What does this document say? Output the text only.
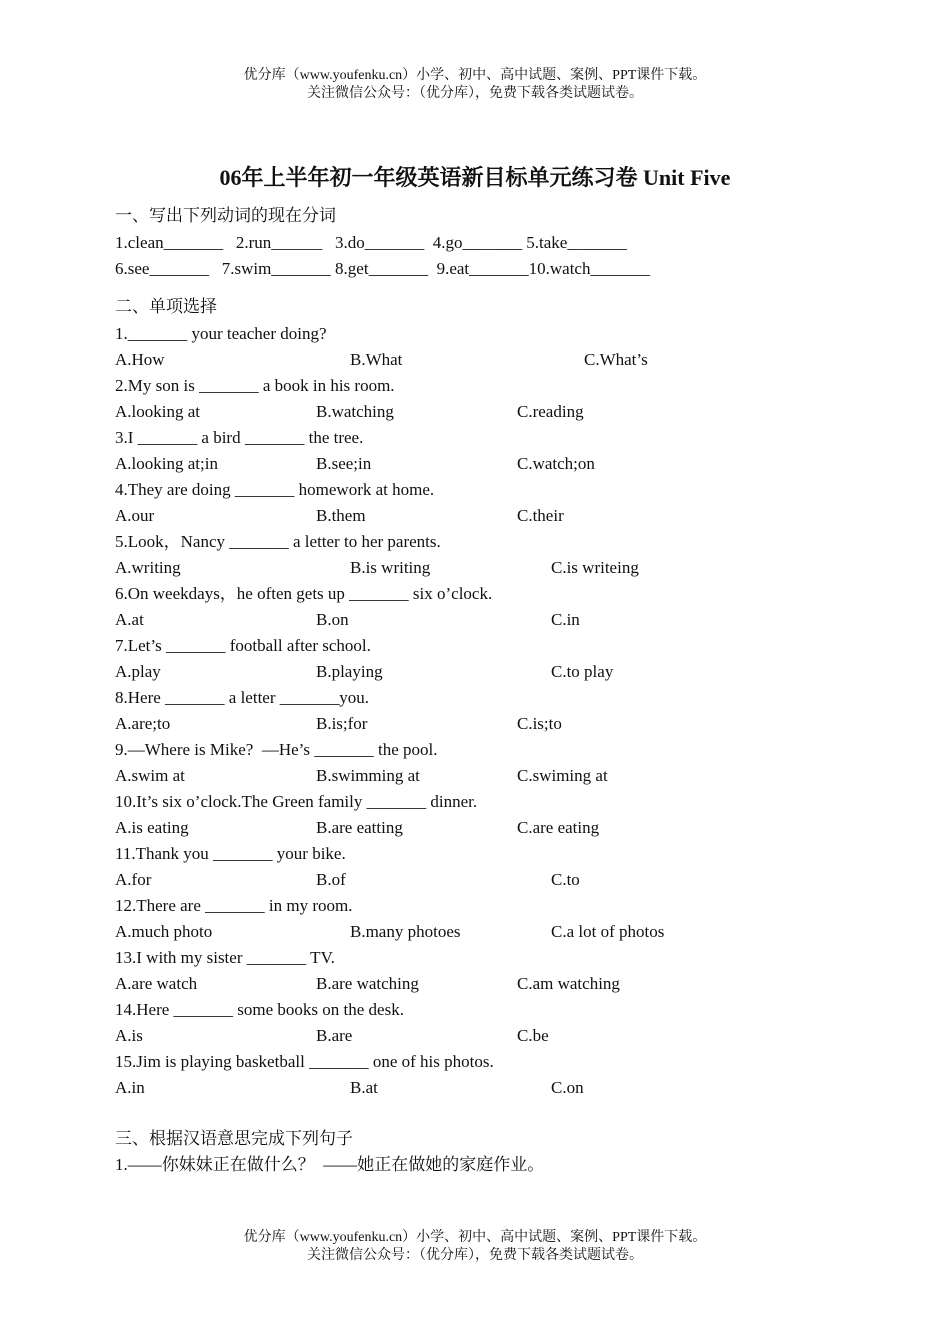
优分库（www.youfenku.cn）小学、初中、高中试题、案例、PPT课件下载。
关注微信公众号：（优分库），免费下载各类试题试卷。
06年上半年初一年级英语新目标单元练习卷 Unit Five
一、写出下列动词的现在分词
1.clean_______   2.run______   3.do_______  4.go_______ 5.take_______
6.see_______   7.swim_______ 8.get_______  9.eat_______10.watch_______
二、单项选择
1._______ your teacher doing?
A.How	B.What	C.What’s
2.My son is _______ a book in his room.
A.looking at	B.watching	C.reading
3.I _______ a bird _______ the tree.
A.looking at;in	B.see;in	C.watch;on
4.They are doing _______ homework at home.
A.our	B.them	C.their
5.Look，Nancy _______ a letter to her parents.
A.writing	B.is writing	C.is writeing
6.On weekdays，he often gets up _______ six o’clock.
A.at	B.on	C.in
7.Let’s _______ football after school.
A.play	B.playing	C.to play
8.Here _______ a letter _______you.
A.are;to	B.is;for	C.is;to
9.—Where is Mike?  —He’s _______ the pool.
A.swim at	B.swimming at	C.swiming at
10.It’s six o’clock.The Green family _______ dinner.
A.is eating	B.are eatting	C.are eating
11.Thank you _______ your bike.
A.for	B.of	C.to
12.There are _______ in my room.
A.much photo	B.many photoes	C.a lot of photos
13.I with my sister _______ TV.
A.are watch	B.are watching	C.am watching
14.Here _______ some books on the desk.
A.is	B.are	C.be
15.Jim is playing basketball _______ one of his photos.
A.in	B.at	C.on
三、根据汉语意思完成下列句子
1.——你妹妹正在做什么？  ——她正在做她的家庭作业。
优分库（www.youfenku.cn）小学、初中、高中试题、案例、PPT课件下载。
关注微信公众号：（优分库），免费下载各类试题试卷。
